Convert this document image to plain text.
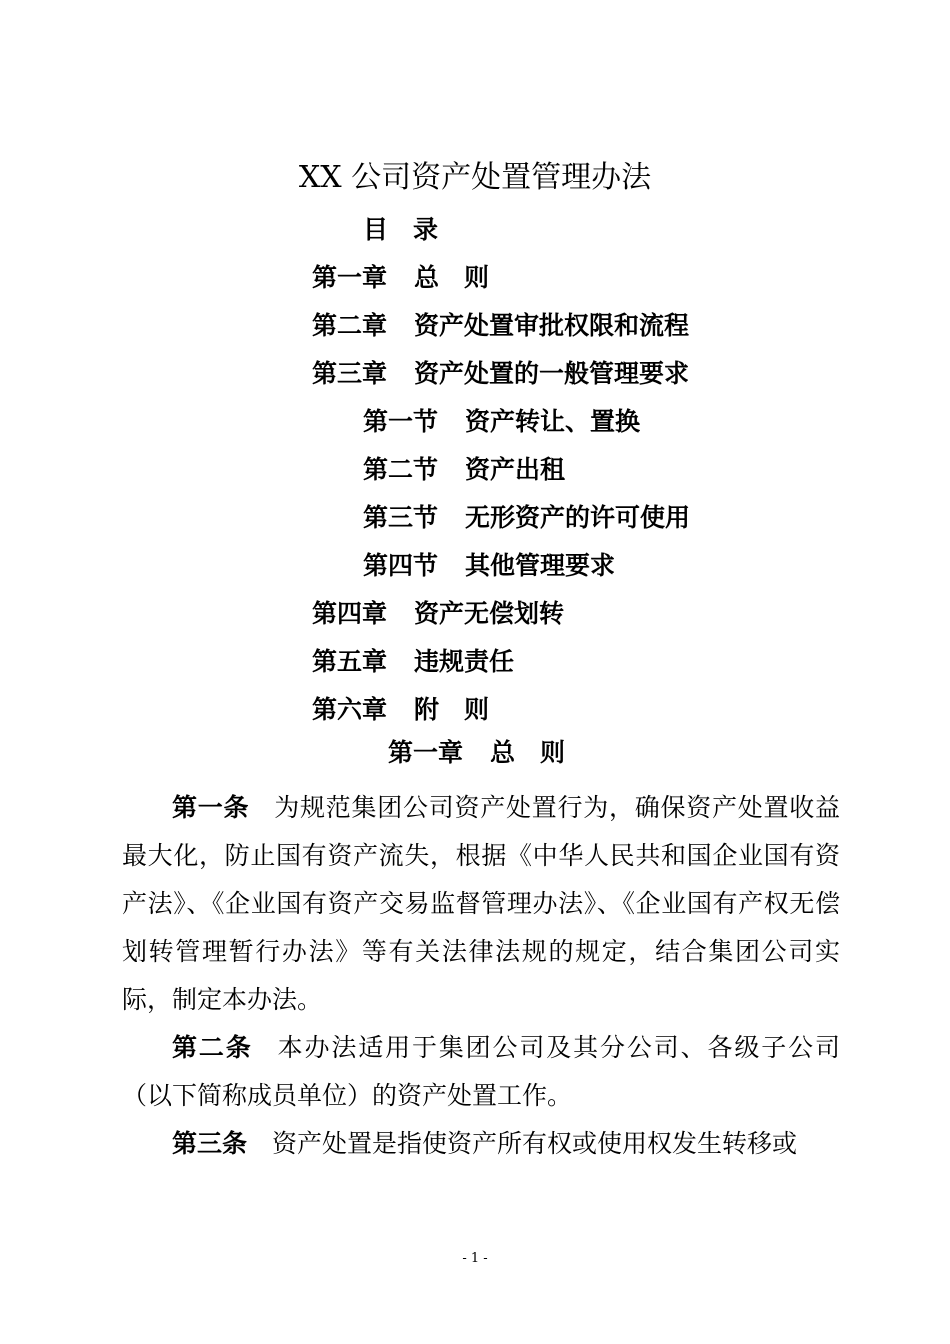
XX 公司资产处置管理办法
目　录
第一章 总　则
第二章 资产处置审批权限和流程
第三章 资产处置的一般管理要求
第一节 资产转让、置换
第二节 资产出租
第三节 无形资产的许可使用
第四节 其他管理要求
第四章 资产无偿划转
第五章 违规责任
第六章 附　则
第一章 总　则

第一条 为规范集团公司资产处置行为，确保资产处置收益最大化，防止国有资产流失，根据《中华人民共和国企业国有资产法》、《企业国有资产交易监督管理办法》、《企业国有产权无偿划转管理暂行办法》等有关法律法规的规定，结合集团公司实际，制定本办法。

第二条 本办法适用于集团公司及其分公司、各级子公司（以下简称成员单位）的资产处置工作。

第三条 资产处置是指使资产所有权或使用权发生转移或

- 1 -
